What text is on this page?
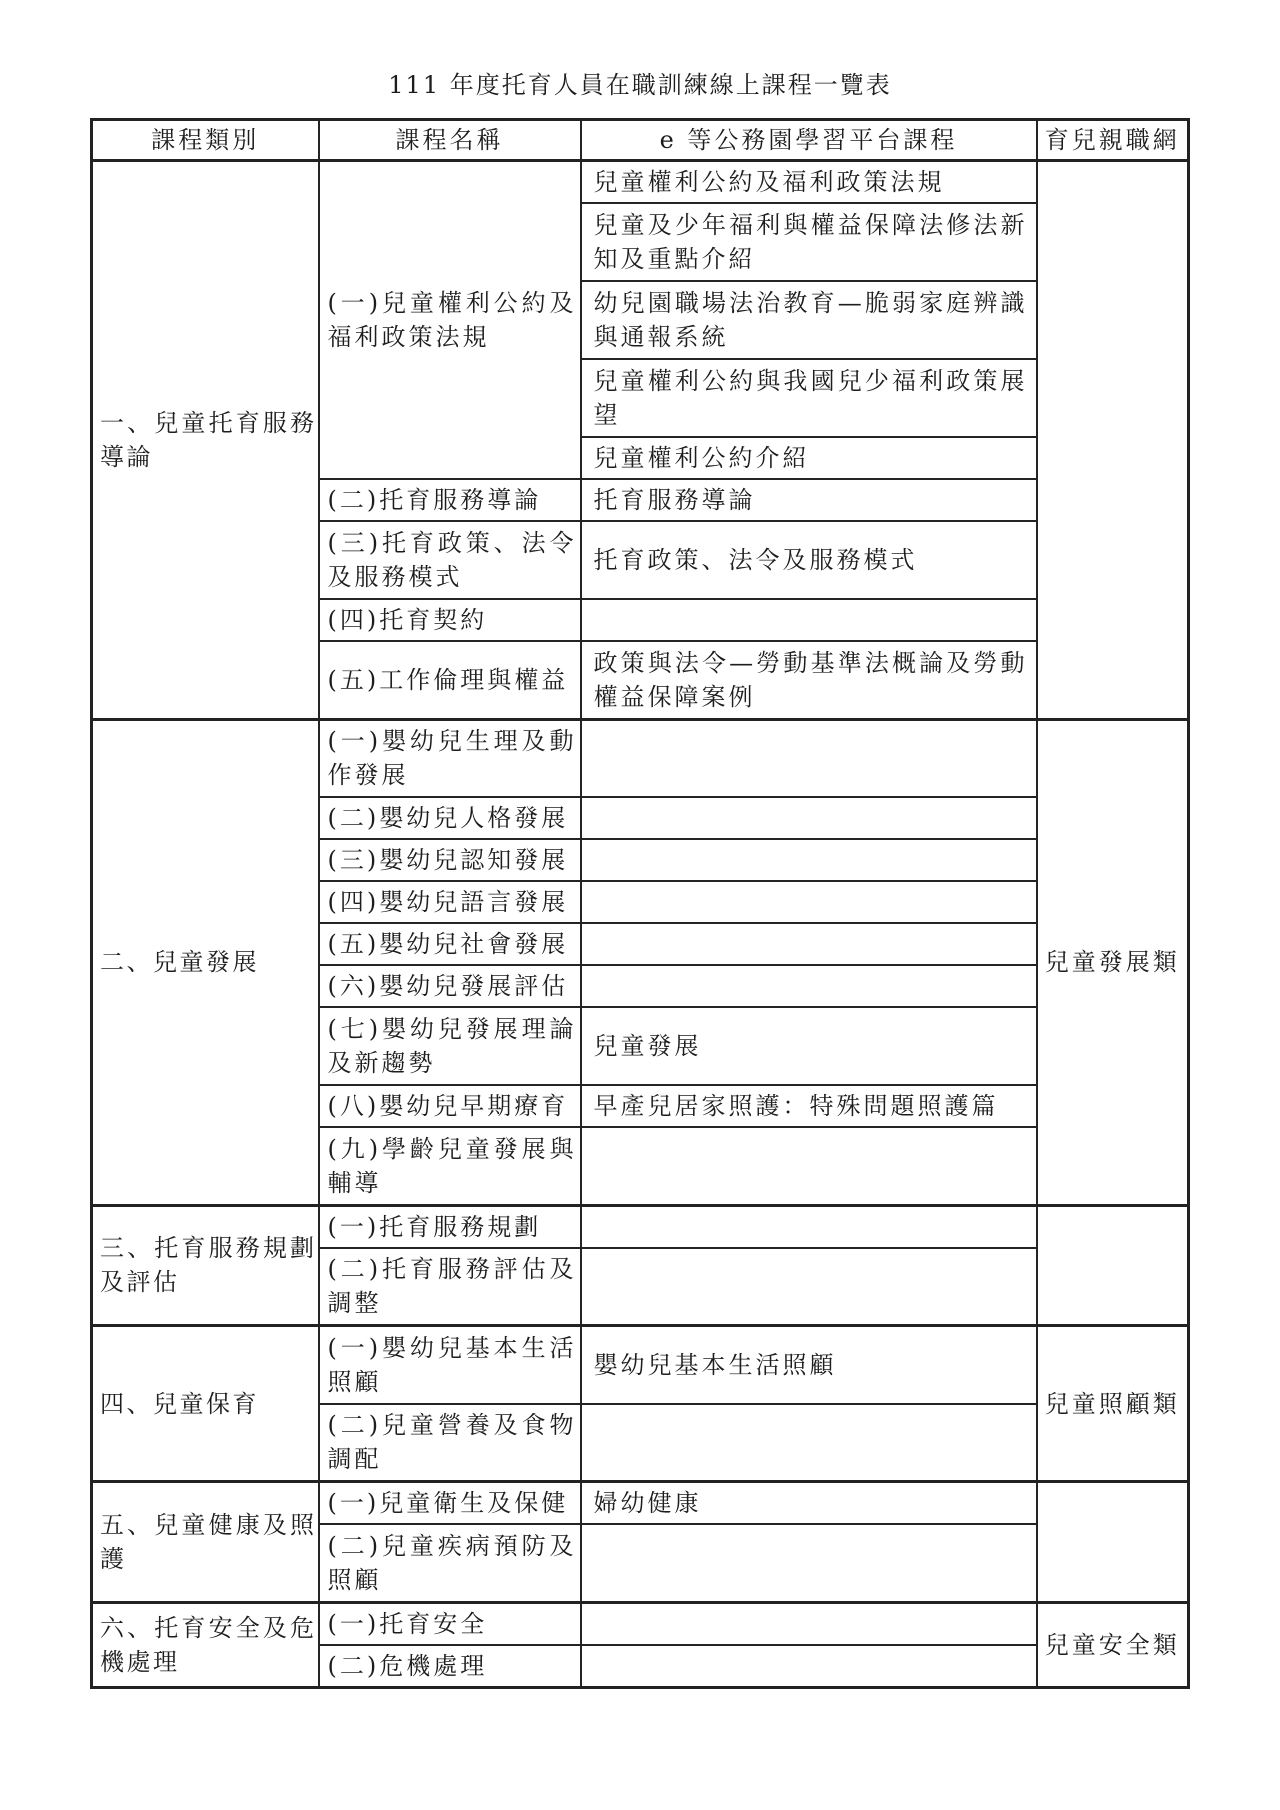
111 年度托育人員在職訓練線上課程一覽表
課程類別	課程名稱	e 等公務園學習平台課程	育兒親職網
一、兒童托育服務導論	(一)兒童權利公約及福利政策法規	兒童權利公約及福利政策法規	
		兒童及少年福利與權益保障法修法新知及重點介紹	
		幼兒園職場法治教育—脆弱家庭辨識與通報系統	
		兒童權利公約與我國兒少福利政策展望	
		兒童權利公約介紹	
	(二)托育服務導論	托育服務導論	
	(三)托育政策、法令及服務模式	托育政策、法令及服務模式	
	(四)托育契約		
	(五)工作倫理與權益	政策與法令—勞動基準法概論及勞動權益保障案例	
二、兒童發展	(一)嬰幼兒生理及動作發展		兒童發展類
	(二)嬰幼兒人格發展		
	(三)嬰幼兒認知發展		
	(四)嬰幼兒語言發展		
	(五)嬰幼兒社會發展		
	(六)嬰幼兒發展評估		
	(七)嬰幼兒發展理論及新趨勢	兒童發展	
	(八)嬰幼兒早期療育	早產兒居家照護：特殊問題照護篇	
	(九)學齡兒童發展與輔導		
三、托育服務規劃及評估	(一)托育服務規劃		
	(二)托育服務評估及調整		
四、兒童保育	(一)嬰幼兒基本生活照顧	嬰幼兒基本生活照顧	兒童照顧類
	(二)兒童營養及食物調配		
五、兒童健康及照護	(一)兒童衛生及保健	婦幼健康	
	(二)兒童疾病預防及照顧		
六、托育安全及危機處理	(一)托育安全		兒童安全類
	(二)危機處理		
